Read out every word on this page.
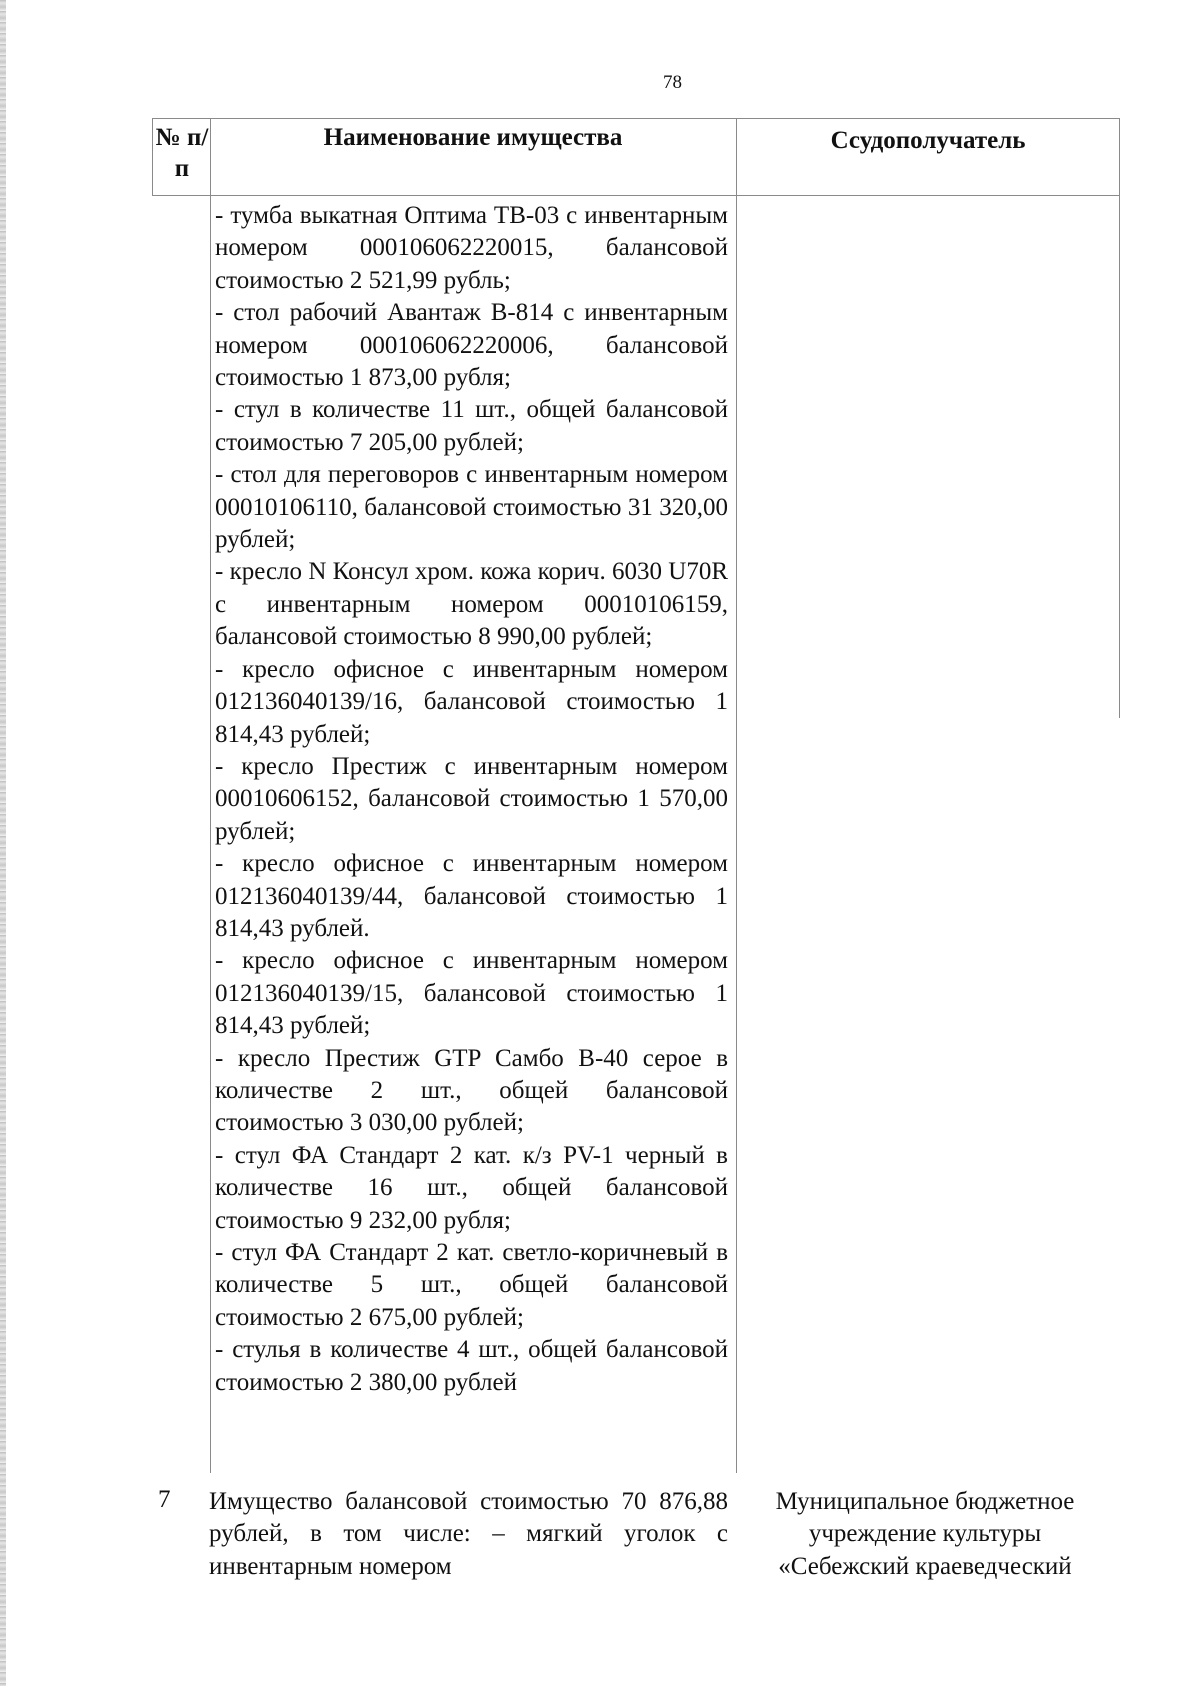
78
№ п/п
Наименование имущества	Ссудополучатель
- тумба выкатная Оптима ТВ-03 с инвентарным номером 000106062220015, балансовой стоимостью 2 521,99 рубль;
- стол рабочий Авантаж В-814 с инвентарным номером 000106062220006, балансовой стоимостью 1 873,00 рубля;
- стул в количестве 11 шт., общей балансовой стоимостью 7 205,00 рублей;
- стол для переговоров с инвентарным номером 00010106110, балансовой стоимостью 31 320,00 рублей;
- кресло N Консул хром. кожа корич. 6030 U70R с инвентарным номером 00010106159, балансовой стоимостью 8 990,00 рублей;
- кресло офисное с инвентарным номером 012136040139/16, балансовой стоимостью 1 814,43 рублей;
- кресло Престиж с инвентарным номером 00010606152, балансовой стоимостью 1 570,00 рублей;
- кресло офисное с инвентарным номером 012136040139/44, балансовой стоимостью 1 814,43 рублей.
- кресло офисное с инвентарным номером 012136040139/15, балансовой стоимостью 1 814,43 рублей;
- кресло Престиж GTP Самбо В-40 серое в количестве 2 шт., общей балансовой стоимостью 3 030,00 рублей;
- стул ФА Стандарт 2 кат. к/з PV-1 черный в количестве 16 шт., общей балансовой стоимостью 9 232,00 рубля;
- стул ФА Стандарт 2 кат. светло-коричневый в количестве 5 шт., общей балансовой стоимостью 2 675,00 рублей;
- стулья в количестве 4 шт., общей балансовой стоимостью 2 380,00 рублей
7 Имущество балансовой стоимостью 70 876,88 рублей, в том числе: – мягкий уголок с инвентарным номером
Муниципальное бюджетное учреждение культуры «Себежский краеведческий
